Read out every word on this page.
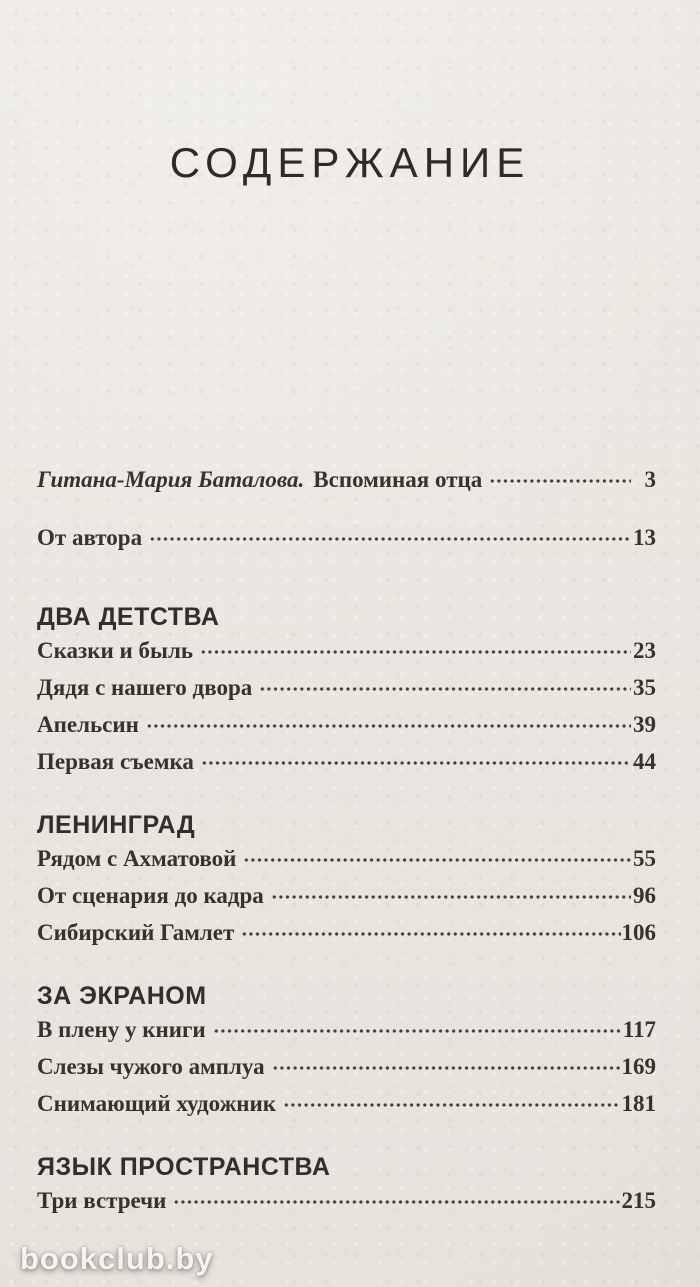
СОДЕРЖАНИЕ
Гитана-Мария Баталова. Вспоминая отца	3
От автора	13
ДВА ДЕТСТВА
Сказки и быль	23
Дядя с нашего двора	35
Апельсин	39
Первая съемка	44
ЛЕНИНГРАД
Рядом с Ахматовой	55
От сценария до кадра	96
Сибирский Гамлет	106
ЗА ЭКРАНОМ
В плену у книги	117
Слезы чужого амплуа	169
Снимающий художник	181
ЯЗЫК ПРОСТРАНСТВА
Три встречи	215
bookclub.by
